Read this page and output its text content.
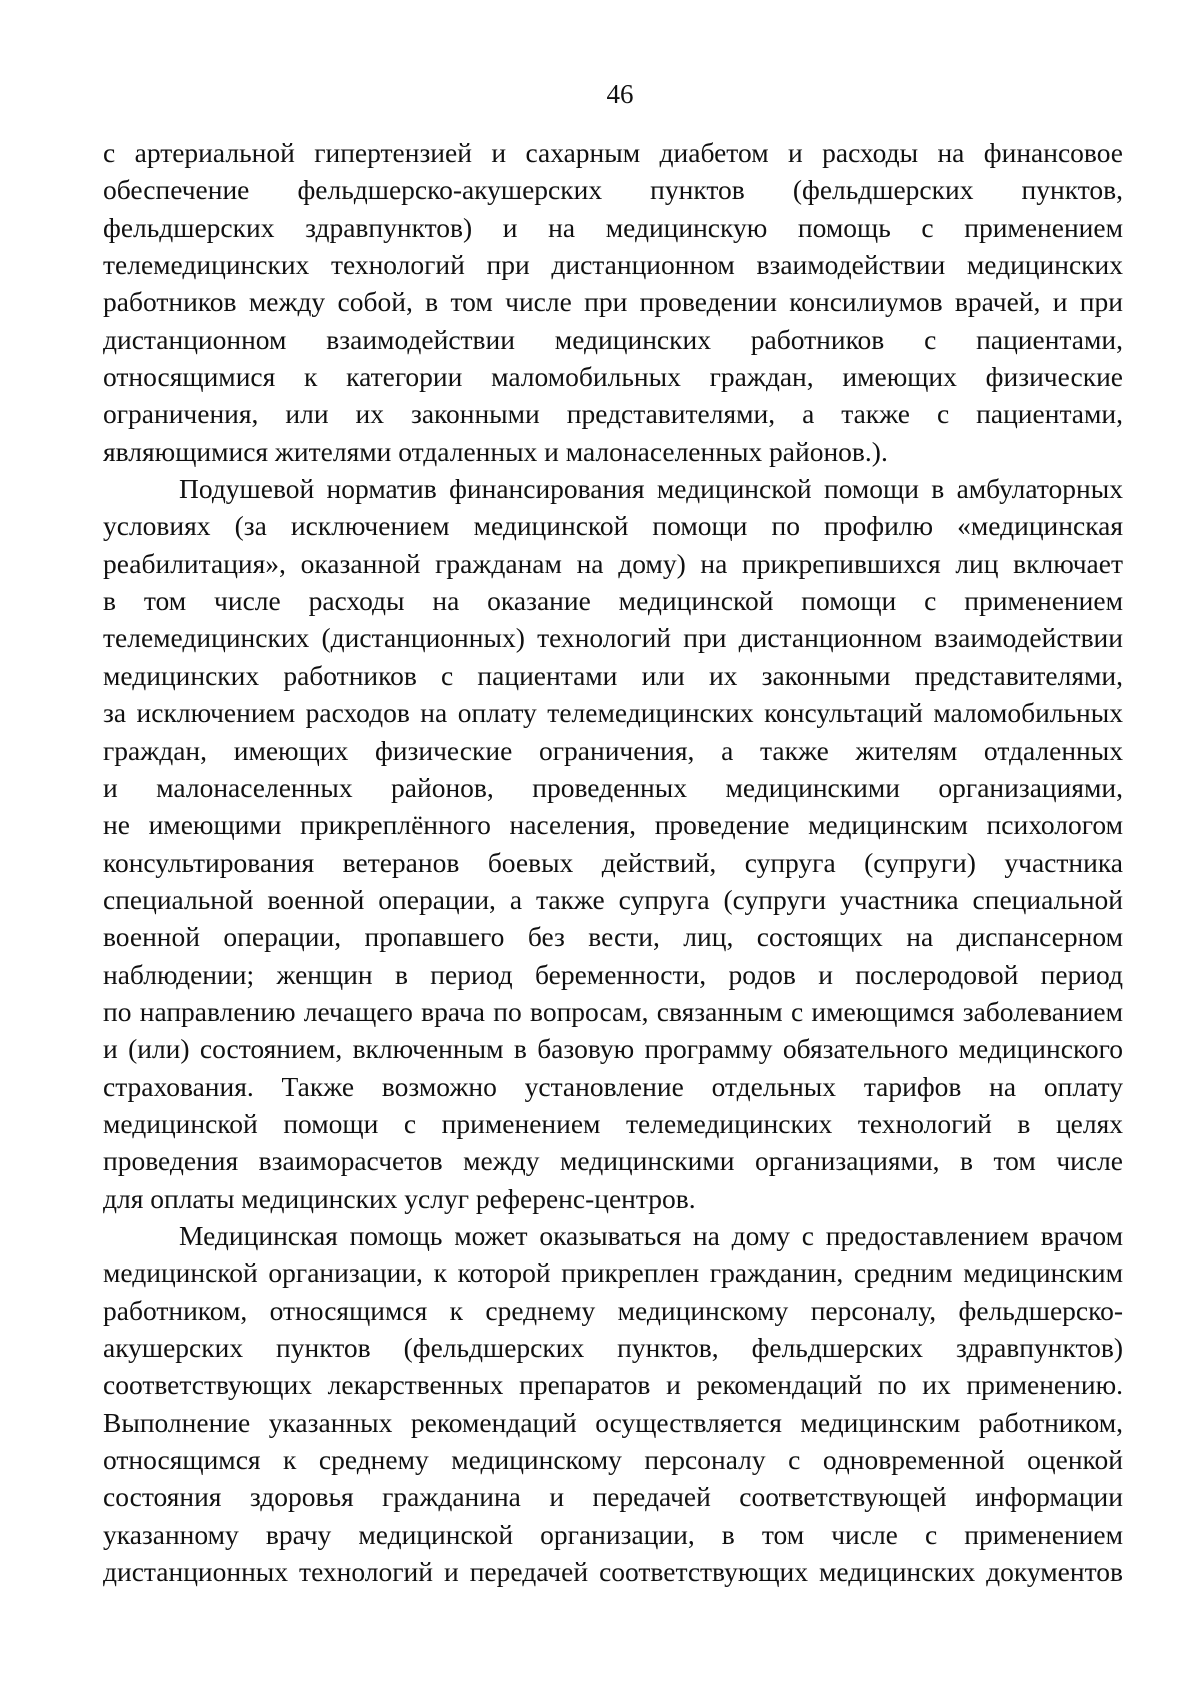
46
с артериальной гипертензией и сахарным диабетом и расходы на финансовое
обеспечение фельдшерско-акушерских пунктов (фельдшерских пунктов,
фельдшерских здравпунктов) и на медицинскую помощь с применением
телемедицинских технологий при дистанционном взаимодействии медицинских
работников между собой, в том числе при проведении консилиумов врачей, и при
дистанционном взаимодействии медицинских работников с пациентами,
относящимися к категории маломобильных граждан, имеющих физические
ограничения, или их законными представителями, а также с пациентами,
являющимися жителями отдаленных и малонаселенных районов.).
Подушевой норматив финансирования медицинской помощи в амбулаторных
условиях (за исключением медицинской помощи по профилю «медицинская
реабилитация», оказанной гражданам на дому) на прикрепившихся лиц включает
в том числе расходы на оказание медицинской помощи с применением
телемедицинских (дистанционных) технологий при дистанционном взаимодействии
медицинских работников с пациентами или их законными представителями,
за исключением расходов на оплату телемедицинских консультаций маломобильных
граждан, имеющих физические ограничения, а также жителям отдаленных
и малонаселенных районов, проведенных медицинскими организациями,
не имеющими прикреплённого населения, проведение медицинским психологом
консультирования ветеранов боевых действий, супруга (супруги) участника
специальной военной операции, а также супруга (супруги участника специальной
военной операции, пропавшего без вести, лиц, состоящих на диспансерном
наблюдении; женщин в период беременности, родов и послеродовой период
по направлению лечащего врача по вопросам, связанным с имеющимся заболеванием
и (или) состоянием, включенным в базовую программу обязательного медицинского
страхования. Также возможно установление отдельных тарифов на оплату
медицинской помощи с применением телемедицинских технологий в целях
проведения взаиморасчетов между медицинскими организациями, в том числе
для оплаты медицинских услуг референс-центров.
Медицинская помощь может оказываться на дому с предоставлением врачом
медицинской организации, к которой прикреплен гражданин, средним медицинским
работником, относящимся к среднему медицинскому персоналу, фельдшерско-
акушерских пунктов (фельдшерских пунктов, фельдшерских здравпунктов)
соответствующих лекарственных препаратов и рекомендаций по их применению.
Выполнение указанных рекомендаций осуществляется медицинским работником,
относящимся к среднему медицинскому персоналу с одновременной оценкой
состояния здоровья гражданина и передачей соответствующей информации
указанному врачу медицинской организации, в том числе с применением
дистанционных технологий и передачей соответствующих медицинских документов
